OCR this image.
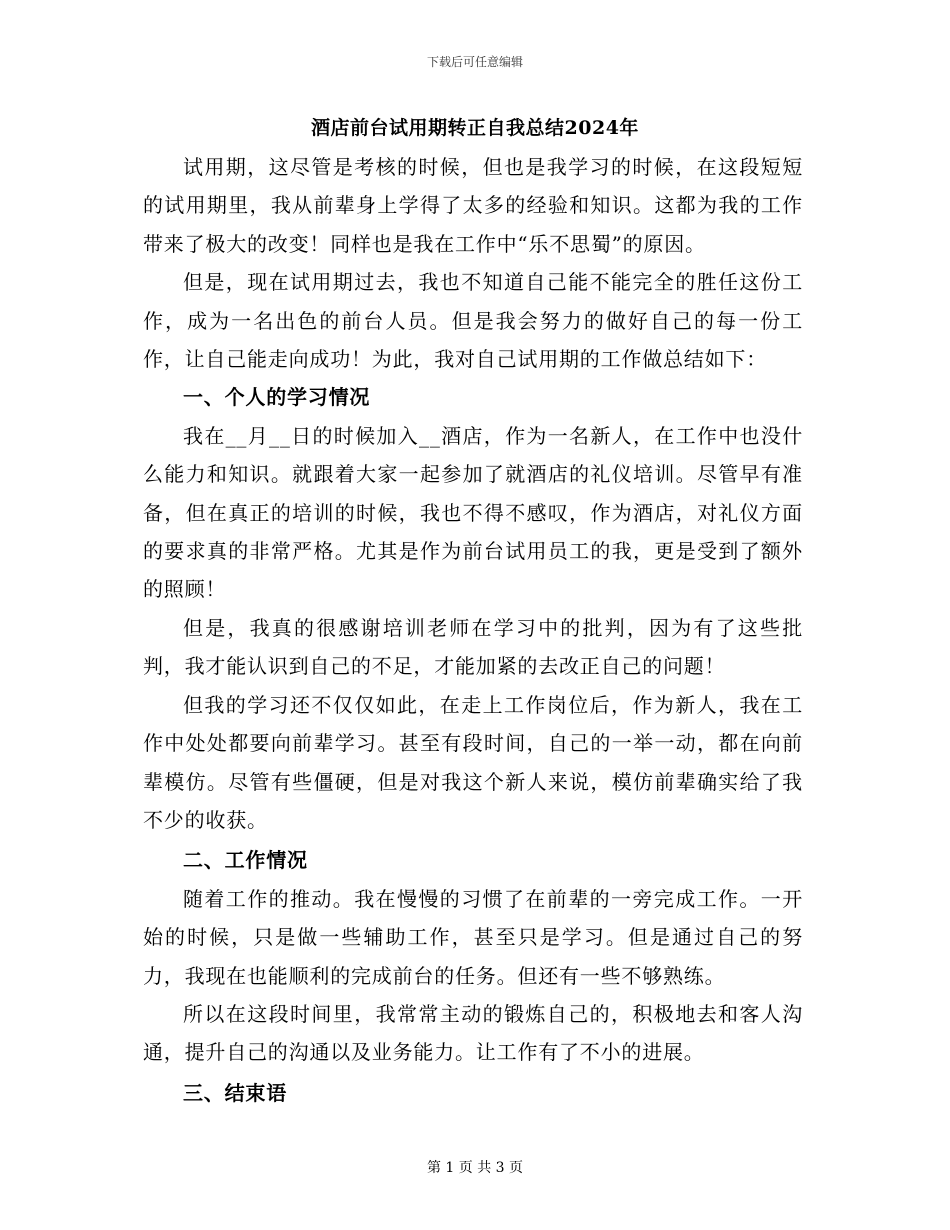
下载后可任意编辑
酒店前台试用期转正自我总结2024年

试用期，这尽管是考核的时候，但也是我学习的时候，在这段短短的试用期里，我从前辈身上学得了太多的经验和知识。这都为我的工作带来了极大的改变！同样也是我在工作中“乐不思蜀”的原因。

但是，现在试用期过去，我也不知道自己能不能完全的胜任这份工作，成为一名出色的前台人员。但是我会努力的做好自己的每一份工作，让自己能走向成功！为此，我对自己试用期的工作做总结如下：

一、个人的学习情况

我在__月__日的时候加入__酒店，作为一名新人，在工作中也没什么能力和知识。就跟着大家一起参加了就酒店的礼仪培训。尽管早有准备，但在真正的培训的时候，我也不得不感叹，作为酒店，对礼仪方面的要求真的非常严格。尤其是作为前台试用员工的我，更是受到了额外的照顾！

但是，我真的很感谢培训老师在学习中的批判，因为有了这些批判，我才能认识到自己的不足，才能加紧的去改正自己的问题！

但我的学习还不仅仅如此，在走上工作岗位后，作为新人，我在工作中处处都要向前辈学习。甚至有段时间，自己的一举一动，都在向前辈模仿。尽管有些僵硬，但是对我这个新人来说，模仿前辈确实给了我不少的收获。

二、工作情况

随着工作的推动。我在慢慢的习惯了在前辈的一旁完成工作。一开始的时候，只是做一些辅助工作，甚至只是学习。但是通过自己的努力，我现在也能顺利的完成前台的任务。但还有一些不够熟练。

所以在这段时间里，我常常主动的锻炼自己的，积极地去和客人沟通，提升自己的沟通以及业务能力。让工作有了不小的进展。

三、结束语
第 1 页 共 3 页
